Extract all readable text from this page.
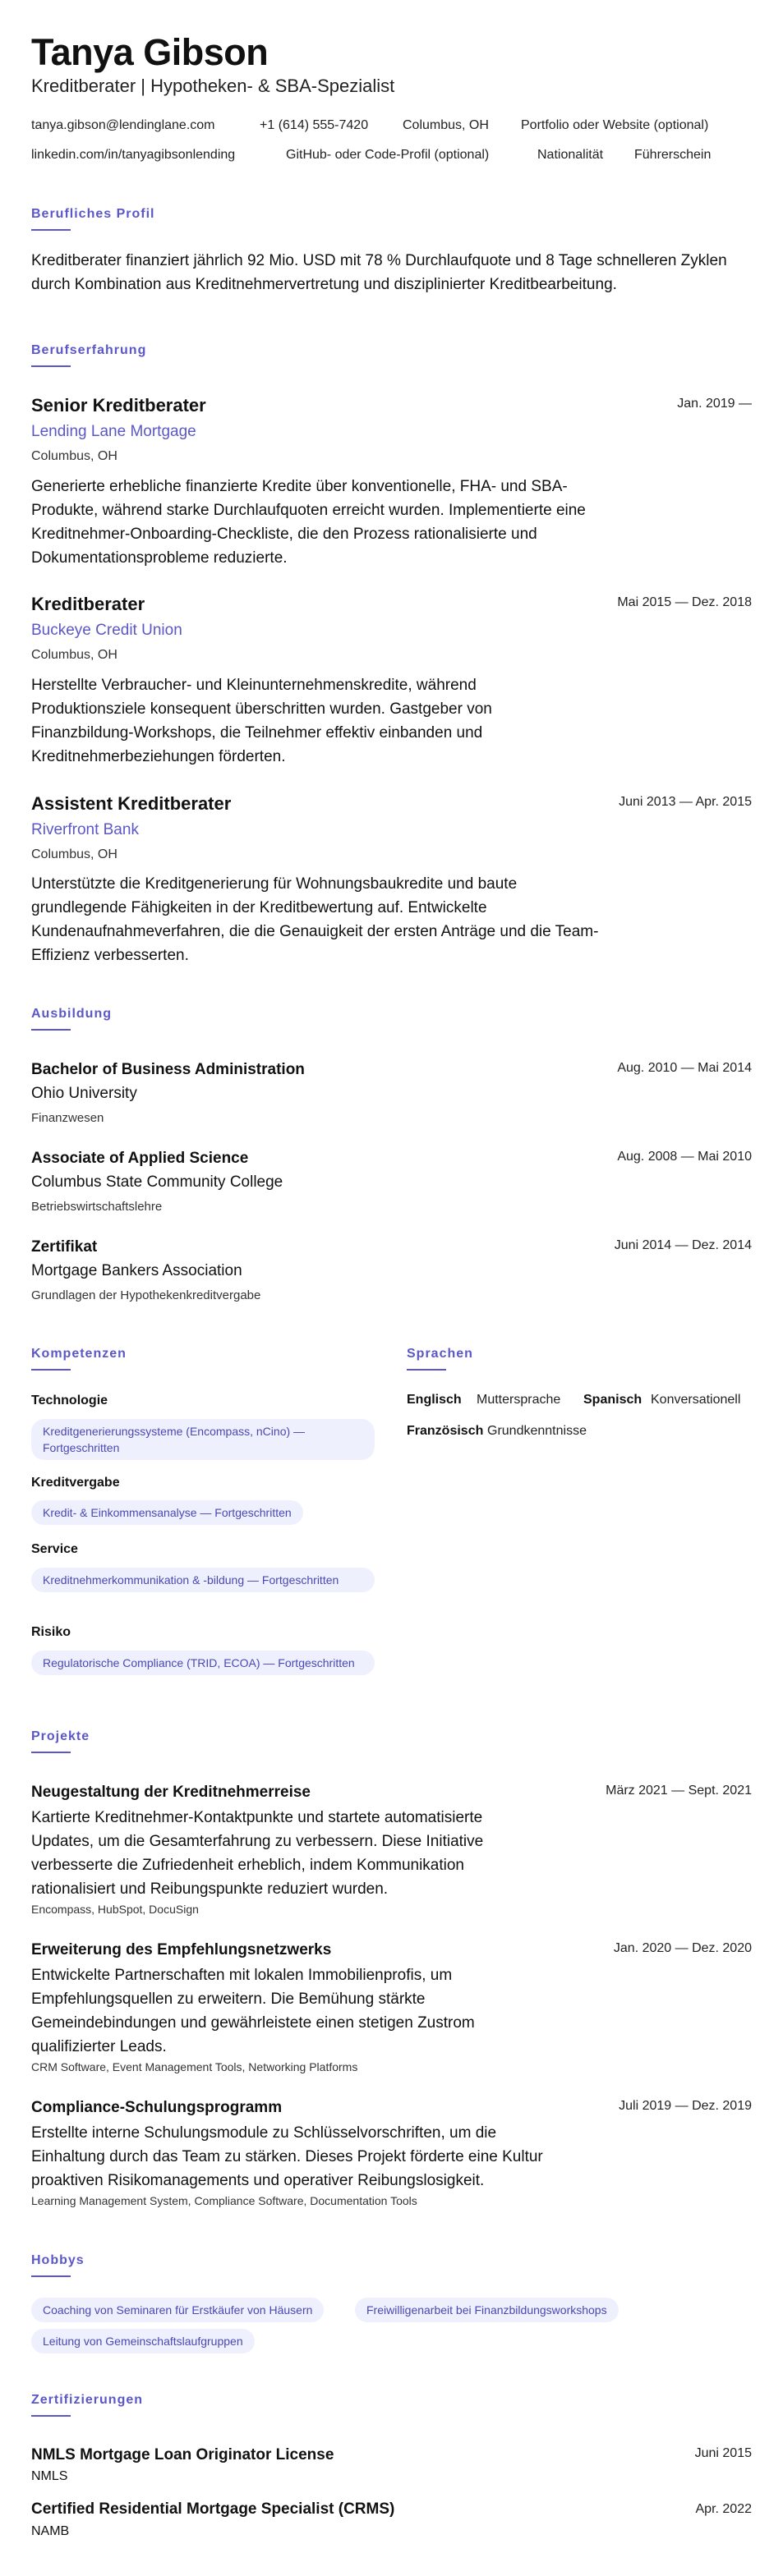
Tanya Gibson
Kreditberater | Hypotheken- & SBA-Spezialist
tanya.gibson@lendinglane.com	+1 (614) 555-7420	Columbus, OH Portfolio oder Website (optional)
linkedin.com/in/tanyagibsonlending	GitHub- oder Code-Profil (optional)	Nationalität Führerschein
Berufliches Profil
Kreditberater finanziert jährlich 92 Mio. USD mit 78 % Durchlaufquote und 8 Tage schnelleren Zyklen durch Kombination aus Kreditnehmervertretung und disziplinierter Kreditbearbeitung.
Berufserfahrung
Senior Kreditberater	Jan. 2019 —
Lending Lane Mortgage
Columbus, OH
Generierte erhebliche finanzierte Kredite über konventionelle, FHA- und SBA-Produkte, während starke Durchlaufquoten erreicht wurden. Implementierte eine Kreditnehmer-Onboarding-Checkliste, die den Prozess rationalisierte und Dokumentationsprobleme reduzierte.
Kreditberater	Mai 2015 — Dez. 2018
Buckeye Credit Union
Columbus, OH
Herstellte Verbraucher- und Kleinunternehmenskredite, während Produktionsziele konsequent überschritten wurden. Gastgeber von Finanzbildung-Workshops, die Teilnehmer effektiv einbanden und Kreditnehmerbeziehungen förderten.
Assistent Kreditberater	Juni 2013 — Apr. 2015
Riverfront Bank
Columbus, OH
Unterstützte die Kreditgenerierung für Wohnungsbaukredite und baute grundlegende Fähigkeiten in der Kreditbewertung auf. Entwickelte Kundenaufnahmeverfahren, die die Genauigkeit der ersten Anträge und die Team-Effizienz verbesserten.
Ausbildung
Bachelor of Business Administration	Aug. 2010 — Mai 2014
Ohio University
Finanzwesen
Associate of Applied Science	Aug. 2008 — Mai 2010
Columbus State Community College
Betriebswirtschaftslehre
Zertifikat	Juni 2014 — Dez. 2014
Mortgage Bankers Association
Grundlagen der Hypothekenkreditvergabe
Kompetenzen
Technologie
Kreditgenerierungssysteme (Encompass, nCino) — Fortgeschritten
Kreditvergabe
Kredit- & Einkommensanalyse — Fortgeschritten
Service
Kreditnehmerkommunikation & -bildung — Fortgeschritten
Risiko
Regulatorische Compliance (TRID, ECOA) — Fortgeschritten
Sprachen
Englisch Muttersprache Spanisch Konversationell
Französisch Grundkenntnisse
Projekte
Neugestaltung der Kreditnehmerreise	März 2021 — Sept. 2021
Kartierte Kreditnehmer-Kontaktpunkte und startete automatisierte Updates, um die Gesamterfahrung zu verbessern. Diese Initiative verbesserte die Zufriedenheit erheblich, indem Kommunikation rationalisiert und Reibungspunkte reduziert wurden.
Encompass, HubSpot, DocuSign
Erweiterung des Empfehlungsnetzwerks	Jan. 2020 — Dez. 2020
Entwickelte Partnerschaften mit lokalen Immobilienprofis, um Empfehlungsquellen zu erweitern. Die Bemühung stärkte Gemeindebindungen und gewährleistete einen stetigen Zustrom qualifizierter Leads.
CRM Software, Event Management Tools, Networking Platforms
Compliance-Schulungsprogramm	Juli 2019 — Dez. 2019
Erstellte interne Schulungsmodule zu Schlüsselvorschriften, um die Einhaltung durch das Team zu stärken. Dieses Projekt förderte eine Kultur proaktiven Risikomanagements und operativer Reibungslosigkeit.
Learning Management System, Compliance Software, Documentation Tools
Hobbys
Coaching von Seminaren für Erstkäufer von Häusern	Freiwilligenarbeit bei Finanzbildungsworkshops
Leitung von Gemeinschaftslaufgruppen
Zertifizierungen
NMLS Mortgage Loan Originator License	Juni 2015
NMLS
Certified Residential Mortgage Specialist (CRMS)	Apr. 2022
NAMB
